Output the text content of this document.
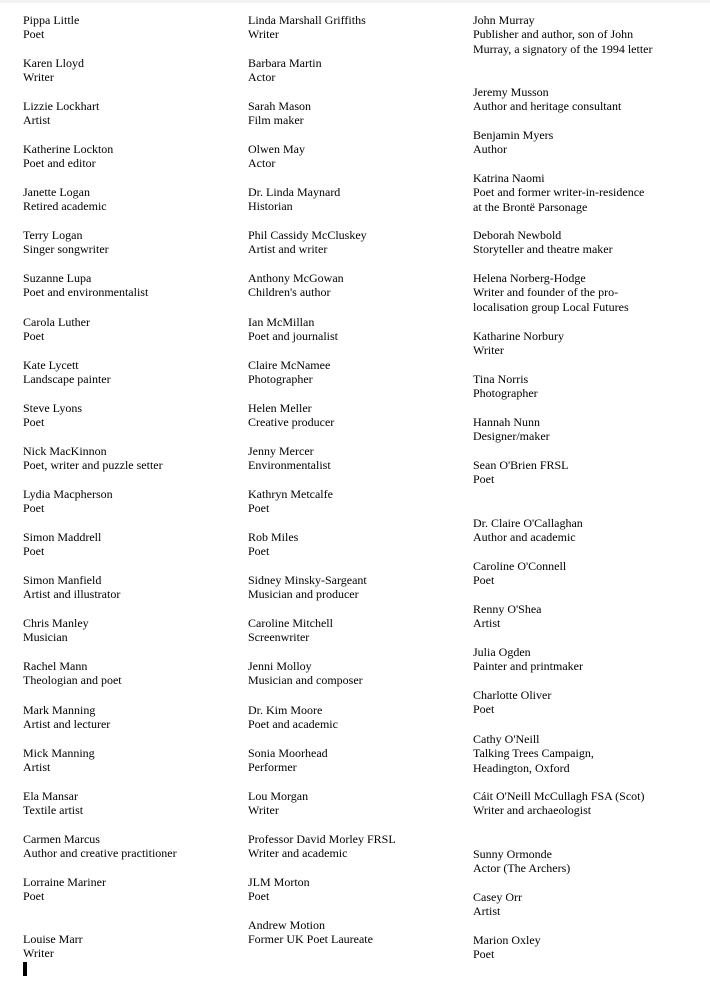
Pippa Little
Poet
Karen Lloyd
Writer
Lizzie Lockhart
Artist
Katherine Lockton
Poet and editor
Janette Logan
Retired academic
Terry Logan
Singer songwriter
Suzanne Lupa
Poet and environmentalist
Carola Luther
Poet
Kate Lycett
Landscape painter
Steve Lyons
Poet
Nick MacKinnon
Poet, writer and puzzle setter
Lydia Macpherson
Poet
Simon Maddrell
Poet
Simon Manfield
Artist and illustrator
Chris Manley
Musician
Rachel Mann
Theologian and poet
Mark Manning
Artist and lecturer
Mick Manning
Artist
Ela Mansar
Textile artist
Carmen Marcus
Author and creative practitioner
Lorraine Mariner
Poet
Louise Marr
Writer
Linda Marshall Griffiths
Writer
Barbara Martin
Actor
Sarah Mason
Film maker
Olwen May
Actor
Dr. Linda Maynard
Historian
Phil Cassidy McCluskey
Artist and writer
Anthony McGowan
Children's author
Ian McMillan
Poet and journalist
Claire McNamee
Photographer
Helen Meller
Creative producer
Jenny Mercer
Environmentalist
Kathryn Metcalfe
Poet
Rob Miles
Poet
Sidney Minsky-Sargeant
Musician and producer
Caroline Mitchell
Screenwriter
Jenni Molloy
Musician and composer
Dr. Kim Moore
Poet and academic
Sonia Moorhead
Performer
Lou Morgan
Writer
Professor David Morley FRSL
Writer and academic
JLM Morton
Poet
Andrew Motion
Former UK Poet Laureate
John Murray
Publisher and author, son of John Murray, a signatory of the 1994 letter
Jeremy Musson
Author and heritage consultant
Benjamin Myers
Author
Katrina Naomi
Poet and former writer-in-residence at the Brontë Parsonage
Deborah Newbold
Storyteller and theatre maker
Helena Norberg-Hodge
Writer and founder of the pro-localisation group Local Futures
Katharine Norbury
Writer
Tina Norris
Photographer
Hannah Nunn
Designer/maker
Sean O'Brien FRSL
Poet
Dr. Claire O'Callaghan
Author and academic
Caroline O'Connell
Poet
Renny O'Shea
Artist
Julia Ogden
Painter and printmaker
Charlotte Oliver
Poet
Cathy O'Neill
Talking Trees Campaign, Headington, Oxford
Cáit O'Neill McCullagh FSA (Scot)
Writer and archaeologist
Sunny Ormonde
Actor (The Archers)
Casey Orr
Artist
Marion Oxley
Poet
